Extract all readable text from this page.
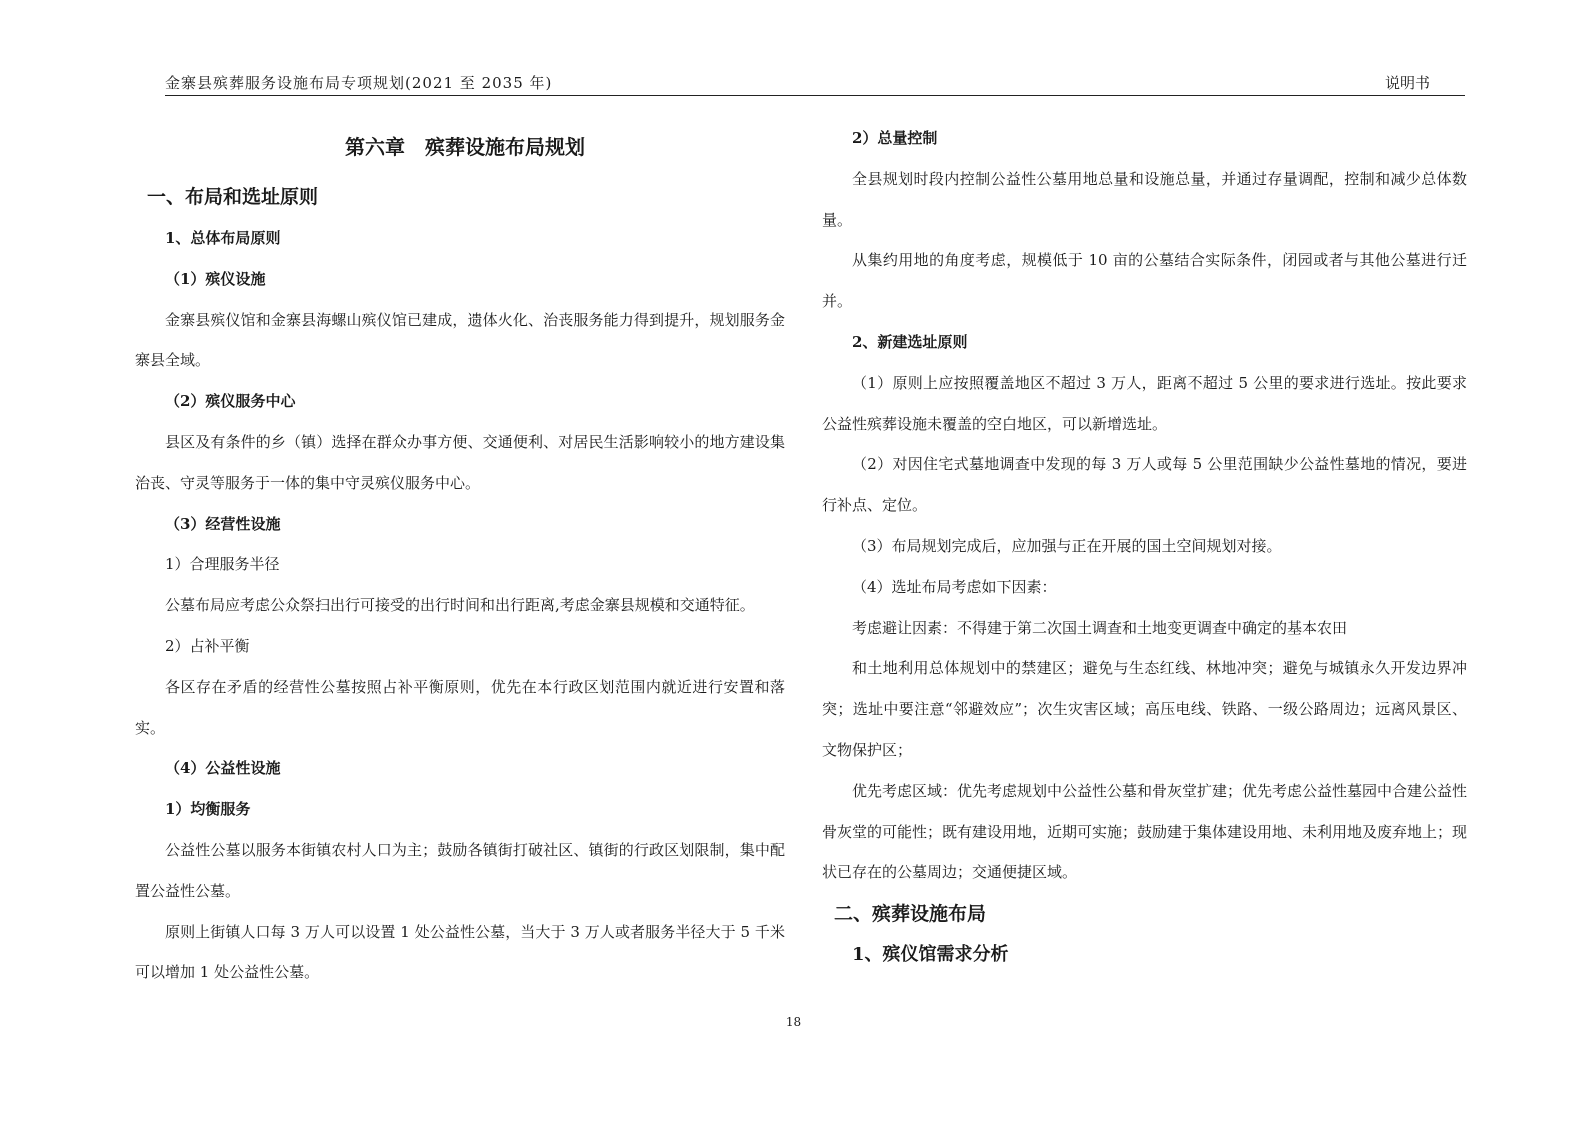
金寨县殡葬服务设施布局专项规划(2021 至 2035 年)	说明书

第六章　殡葬设施布局规划

一、布局和选址原则

1、总体布局原则

（1）殡仪设施

金寨县殡仪馆和金寨县海螺山殡仪馆已建成，遗体火化、治丧服务能力得到提升，规划服务金寨县全域。

（2）殡仪服务中心

县区及有条件的乡（镇）选择在群众办事方便、交通便利、对居民生活影响较小的地方建设集治丧、守灵等服务于一体的集中守灵殡仪服务中心。

（3）经营性设施

1）合理服务半径

公墓布局应考虑公众祭扫出行可接受的出行时间和出行距离,考虑金寨县规模和交通特征。

2）占补平衡

各区存在矛盾的经营性公墓按照占补平衡原则，优先在本行政区划范围内就近进行安置和落实。

（4）公益性设施

1）均衡服务

公益性公墓以服务本街镇农村人口为主；鼓励各镇街打破社区、镇街的行政区划限制，集中配置公益性公墓。

原则上街镇人口每 3 万人可以设置 1 处公益性公墓，当大于 3 万人或者服务半径大于 5 千米可以增加 1 处公益性公墓。

2）总量控制

全县规划时段内控制公益性公墓用地总量和设施总量，并通过存量调配，控制和减少总体数量。

从集约用地的角度考虑，规模低于 10 亩的公墓结合实际条件，闭园或者与其他公墓进行迁并。

2、新建选址原则

（1）原则上应按照覆盖地区不超过 3 万人，距离不超过 5 公里的要求进行选址。按此要求公益性殡葬设施未覆盖的空白地区，可以新增选址。

（2）对因住宅式墓地调查中发现的每 3 万人或每 5 公里范围缺少公益性墓地的情况，要进行补点、定位。

（3）布局规划完成后，应加强与正在开展的国土空间规划对接。

（4）选址布局考虑如下因素：

考虑避让因素：不得建于第二次国土调查和土地变更调查中确定的基本农田

和土地利用总体规划中的禁建区；避免与生态红线、林地冲突；避免与城镇永久开发边界冲突；选址中要注意“邻避效应”；次生灾害区域；高压电线、铁路、一级公路周边；远离风景区、文物保护区；

优先考虑区域：优先考虑规划中公益性公墓和骨灰堂扩建；优先考虑公益性墓园中合建公益性骨灰堂的可能性；既有建设用地，近期可实施；鼓励建于集体建设用地、未利用地及废弃地上；现状已存在的公墓周边；交通便捷区域。

二、殡葬设施布局

1、殡仪馆需求分析

18
